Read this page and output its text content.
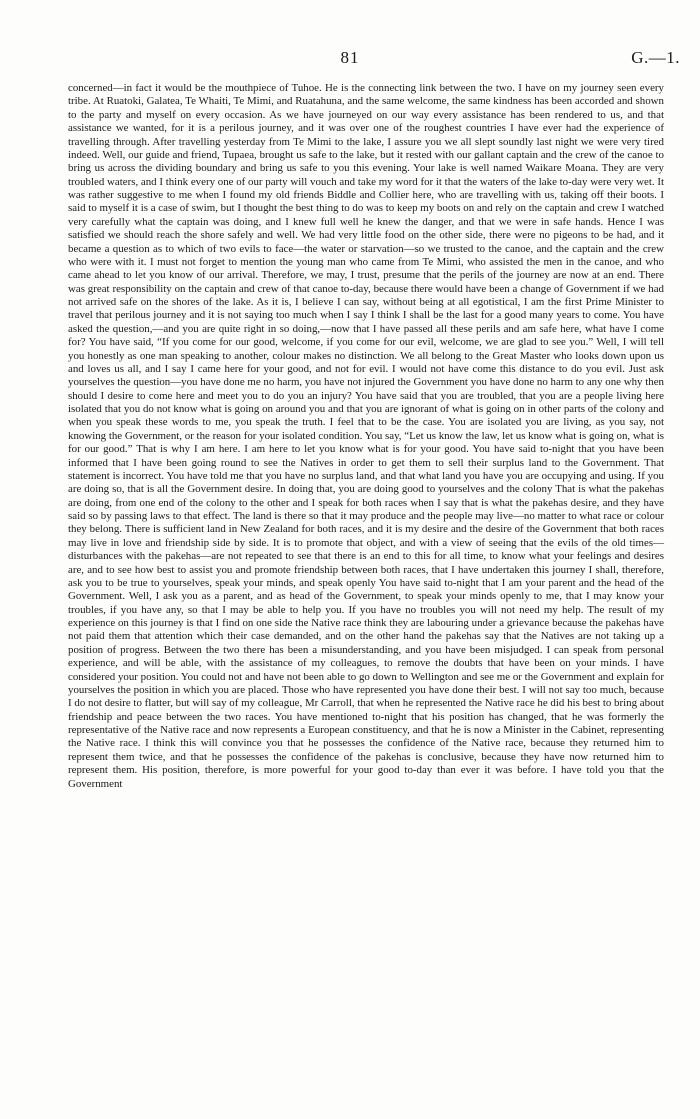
81	G.—1.

concerned—in fact it would be the mouthpiece of Tuhoe. He is the connecting link between the two. I have on my journey seen every tribe. At Ruatoki, Galatea, Te Whaiti, Te Mimi, and Ruatahuna, and the same welcome, the same kindness has been accorded and shown to the party and myself on every occasion. As we have journeyed on our way every assistance has been rendered to us, and that assistance we wanted, for it is a perilous journey, and it was over one of the roughest countries I have ever had the experience of travelling through. After travelling yesterday from Te Mimi to the lake, I assure you we all slept soundly last night we were very tired indeed. Well, our guide and friend, Tupaea, brought us safe to the lake, but it rested with our gallant captain and the crew of the canoe to bring us across the dividing boundary and bring us safe to you this evening. Your lake is well named Waikare Moana. They are very troubled waters, and I think every one of our party will vouch and take my word for it that the waters of the lake to-day were very wet. It was rather suggestive to me when I found my old friends Biddle and Collier here, who are travelling with us, taking off their boots. I said to myself it is a case of swim, but I thought the best thing to do was to keep my boots on and rely on the captain and crew I watched very carefully what the captain was doing, and I knew full well he knew the danger, and that we were in safe hands. Hence I was satisfied we should reach the shore safely and well. We had very little food on the other side, there were no pigeons to be had, and it became a question as to which of two evils to face—the water or starvation—so we trusted to the canoe, and the captain and the crew who were with it. I must not forget to mention the young man who came from Te Mimi, who assisted the men in the canoe, and who came ahead to let you know of our arrival. Therefore, we may, I trust, presume that the perils of the journey are now at an end. There was great responsibility on the captain and crew of that canoe to-day, because there would have been a change of Government if we had not arrived safe on the shores of the lake. As it is, I believe I can say, without being at all egotistical, I am the first Prime Minister to travel that perilous journey and it is not saying too much when I say I think I shall be the last for a good many years to come. You have asked the question,—and you are quite right in so doing,—now that I have passed all these perils and am safe here, what have I come for? You have said, “If you come for our good, welcome, if you come for our evil, welcome, we are glad to see you.” Well, I will tell you honestly as one man speaking to another, colour makes no distinction. We all belong to the Great Master who looks down upon us and loves us all, and I say I came here for your good, and not for evil. I would not have come this distance to do you evil. Just ask yourselves the question—you have done me no harm, you have not injured the Government you have done no harm to any one why then should I desire to come here and meet you to do you an injury? You have said that you are troubled, that you are a people living here isolated that you do not know what is going on around you and that you are ignorant of what is going on in other parts of the colony and when you speak these words to me, you speak the truth. I feel that to be the case. You are isolated you are living, as you say, not knowing the Government, or the reason for your isolated condition. You say, “Let us know the law, let us know what is going on, what is for our good.” That is why I am here. I am here to let you know what is for your good. You have said to-night that you have been informed that I have been going round to see the Natives in order to get them to sell their surplus land to the Government. That statement is incorrect. You have told me that you have no surplus land, and that what land you have you are occupying and using. If you are doing so, that is all the Government desire. In doing that, you are doing good to yourselves and the colony That is what the pakehas are doing, from one end of the colony to the other and I speak for both races when I say that is what the pakehas desire, and they have said so by passing laws to that effect. The land is there so that it may produce and the people may live—no matter to what race or colour they belong. There is sufficient land in New Zealand for both races, and it is my desire and the desire of the Government that both races may live in love and friendship side by side. It is to promote that object, and with a view of seeing that the evils of the old times—disturbances with the pakehas—are not repeated to see that there is an end to this for all time, to know what your feelings and desires are, and to see how best to assist you and promote friendship between both races, that I have undertaken this journey I shall, therefore, ask you to be true to yourselves, speak your minds, and speak openly You have said to-night that I am your parent and the head of the Government. Well, I ask you as a parent, and as head of the Government, to speak your minds openly to me, that I may know your troubles, if you have any, so that I may be able to help you. If you have no troubles you will not need my help. The result of my experience on this journey is that I find on one side the Native race think they are labouring under a grievance because the pakehas have not paid them that attention which their case demanded, and on the other hand the pakehas say that the Natives are not taking up a position of progress. Between the two there has been a misunderstanding, and you have been misjudged. I can speak from personal experience, and will be able, with the assistance of my colleagues, to remove the doubts that have been on your minds. I have considered your position. You could not and have not been able to go down to Wellington and see me or the Government and explain for yourselves the position in which you are placed. Those who have represented you have done their best. I will not say too much, because I do not desire to flatter, but will say of my colleague, Mr Carroll, that when he represented the Native race he did his best to bring about friendship and peace between the two races. You have mentioned to-night that his position has changed, that he was formerly the representative of the Native race and now represents a European constituency, and that he is now a Minister in the Cabinet, representing the Native race. I think this will convince you that he possesses the confidence of the Native race, because they returned him to represent them twice, and that he possesses the confidence of the pakehas is conclusive, because they have now returned him to represent them. His position, therefore, is more powerful for your good to-day than ever it was before. I have told you that the Government
